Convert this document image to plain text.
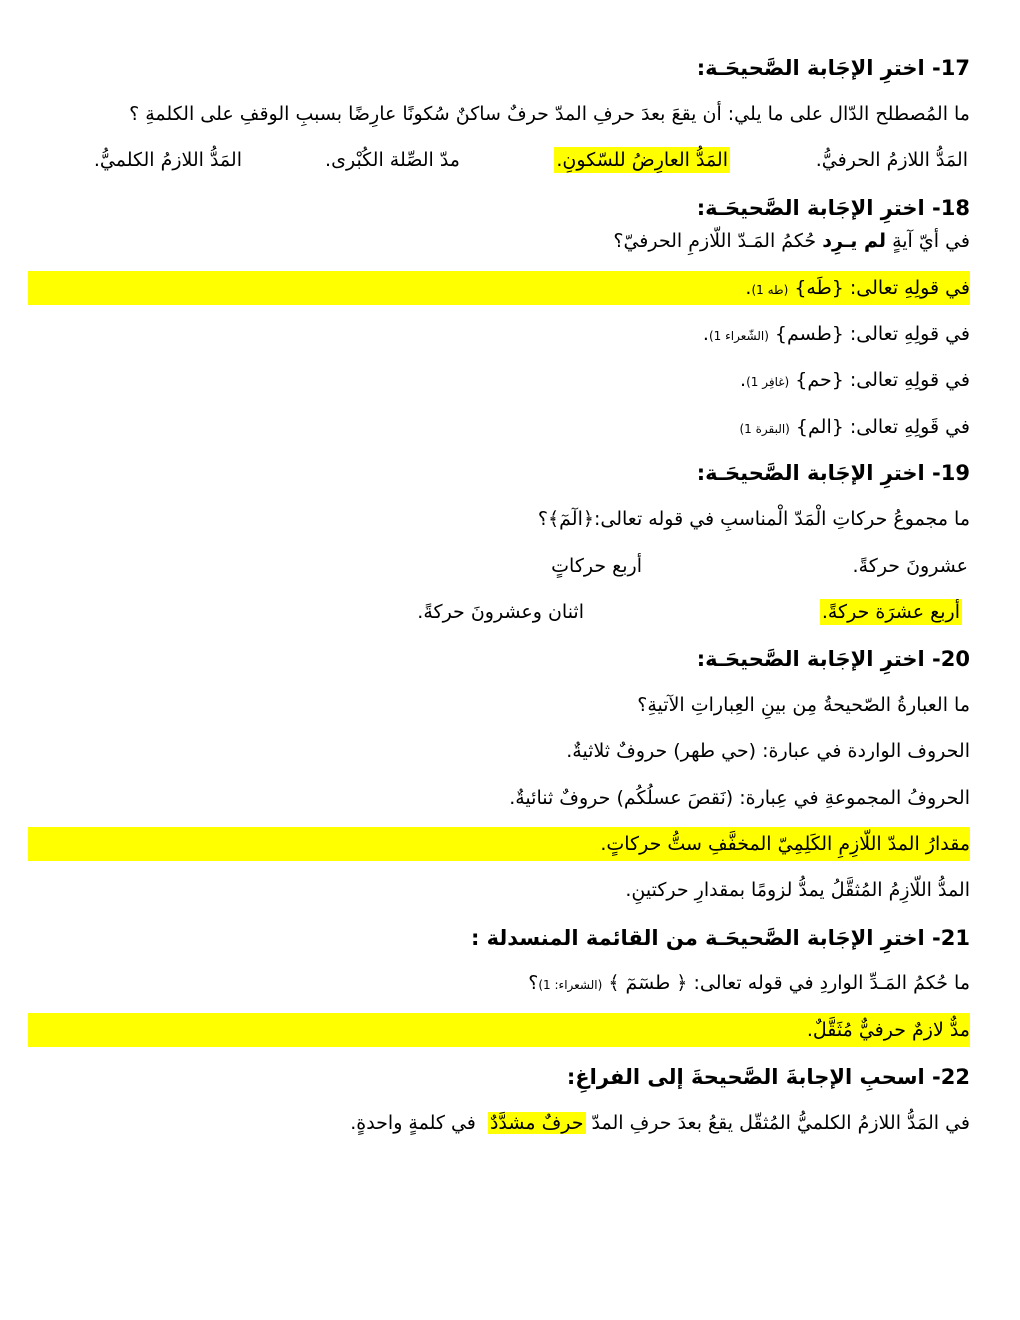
17- اخترِ الإجَابة الصَّحيحَـة:
ما المُصطلح الدّال على ما يلي: أن يقعَ بعدَ حرفِ المدّ حرفٌ ساكنٌ سُكونًا عارِضًا بسببِ الوقفِ على الكلمةِ ؟
المَدُّ اللازمُ الحرفيُّ.
المَدُّ العارِضُ للسّكونِ.
مدّ الصِّلة الكُبْرى.
المَدُّ اللازمُ الكلميُّ.
18- اخترِ الإجَابة الصَّحيحَـة:
في أيّ آيةٍ لم يـرِد حُكمُ المَـدّ اللّازمِ الحرفيّ؟
في قولِهِ تعالى: {طَه} (طه 1).
في قولِهِ تعالى: {طسم} (الشّعراء 1).
في قولِهِ تعالى: {حم} (غافِر 1).
في قَولِهِ تعالى: {الم} (البقرة 1)
19- اخترِ الإجَابة الصَّحيحَـة:
ما مجموعُ حركاتِ الْمَدّ الْمناسبِ في قوله تعالى:﴿الٓمٓ﴾؟
عشرونَ حركةً.
أربع حركاتٍ
أربع عشرَة حركةً.
اثنان وعشرونَ حركةً.
20- اخترِ الإجَابة الصَّحيحَـة:
ما العبارةُ الصّحيحةُ مِن بينِ العِباراتِ الآتيةِ؟
الحروف الواردة في عبارة: (حي طهر) حروفٌ ثلاثيةٌ.
الحروفُ المجموعةِ في عِبارة: (نَقصَ عسلُكُم) حروفٌ ثنائيةٌ.
مقدارُ المدّ اللّازِمِ الكَلِمِيّ المخفَّفِ ستُّ حركاتٍ.
المدُّ اللّازِمُ المُثقَّلُ يمدُّ لزومًا بمقدارِ حركتينِ.
21- اخترِ الإجَابة الصَّحيحَـة من القائمة المنسدلة :
ما حُكمُ المَـدِّ الواردِ في قوله تعالى: ﴿ طسٓمٓ ﴾ (الشعراء: 1)؟
مدٌّ لازمٌ حرفيٌّ مُثَقَّلٌ.
22- اسحبِ الإجابةَ الصَّحيحةَ إلى الفراغِ:
في المَدُّ اللازمُ الكلميُّ المُثقّل يقعُ بعدَ حرفِ المدّ حرفٌ مشدَّدٌ  في كلمةٍ واحدةٍ.
